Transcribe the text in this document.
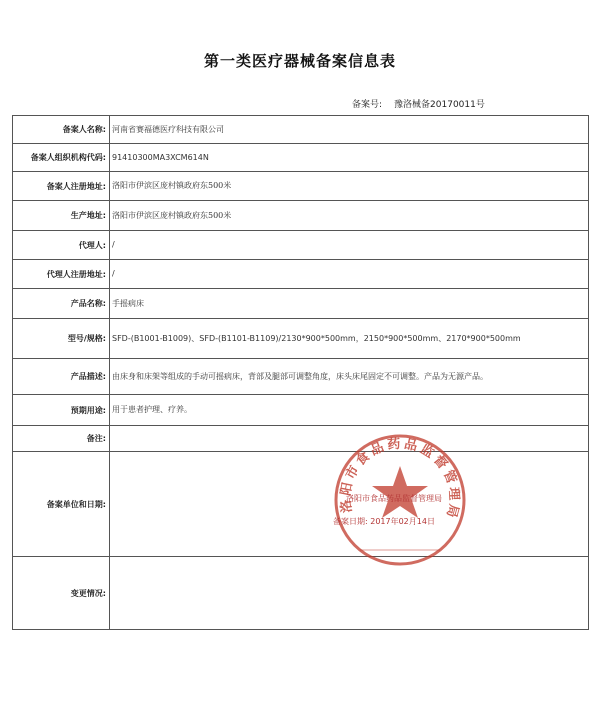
第一类医疗器械备案信息表
备案号: 豫洛械备20170011号
备案人名称:	河南省赛福德医疗科技有限公司
备案人组织机构代码:	91410300MA3XCM614N
备案人注册地址:	洛阳市伊滨区庞村镇政府东500米
生产地址:	洛阳市伊滨区庞村镇政府东500米
代理人:	/
代理人注册地址:	/
产品名称:	手摇病床
型号/规格:	SFD-(B1001-B1009)、SFD-(B1101-B1109)/2130*900*500mm，2150*900*500mm、2170*900*500mm
产品描述:	由床身和床架等组成的手动可摇病床，背部及腿部可调整角度，床头床尾固定不可调整。产品为无源产品。
预期用途:	用于患者护理、疗养。
备注:	
备案单位和日期:	
变更情况:	
洛阳市食品药品监督管理局
洛阳市食品药品监督管理局
备案日期: 2017年02月14日
